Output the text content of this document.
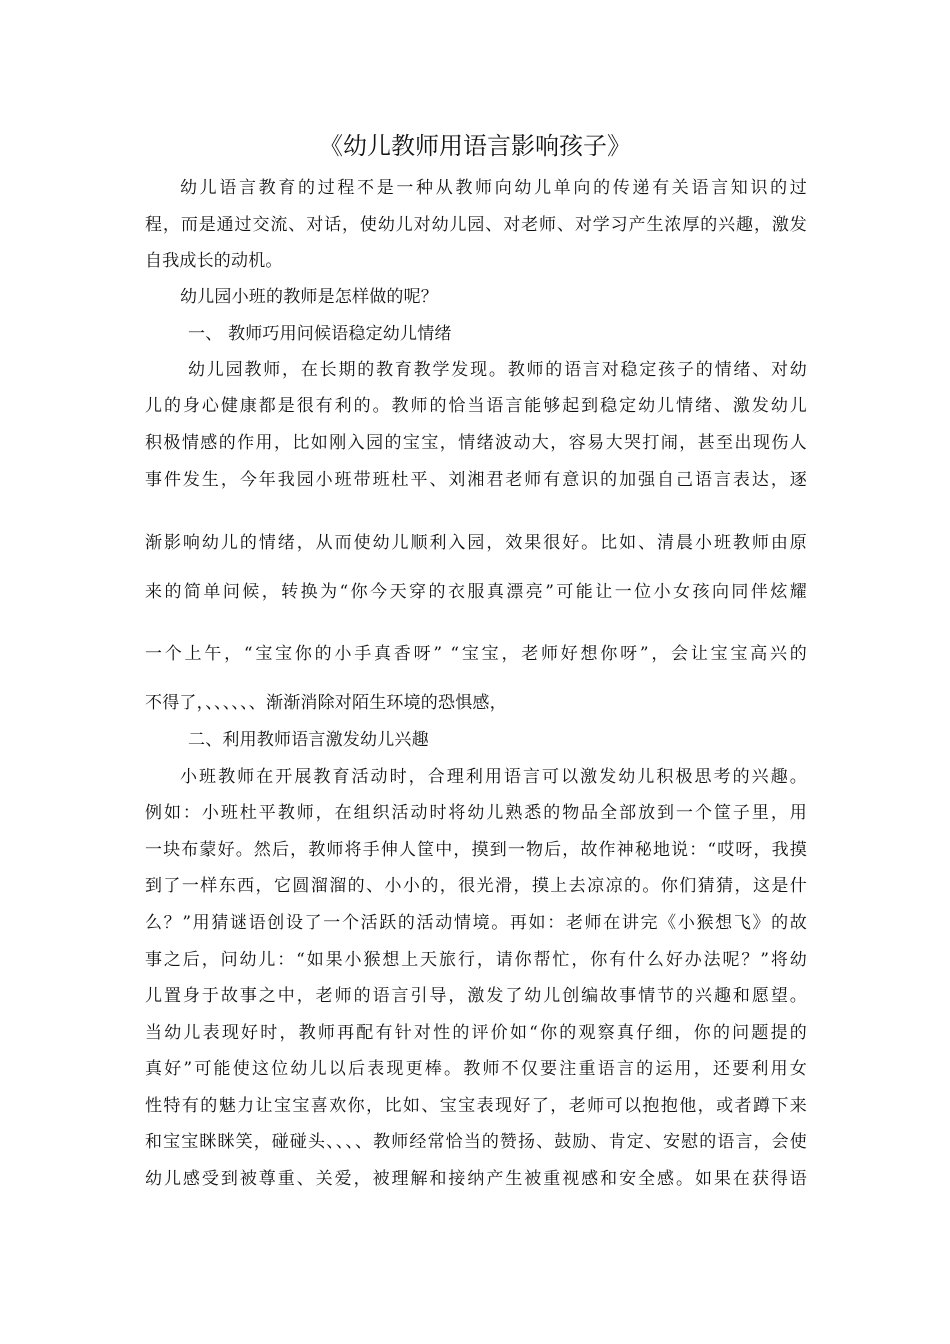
《幼儿教师用语言影响孩子》
幼儿语言教育的过程不是一种从教师向幼儿单向的传递有关语言知识的过
程，而是通过交流、对话，使幼儿对幼儿园、对老师、对学习产生浓厚的兴趣，激发
自我成长的动机。
幼儿园小班的教师是怎样做的呢？
一、 教师巧用问候语稳定幼儿情绪
幼儿园教师，在长期的教育教学发现。教师的语言对稳定孩子的情绪、对幼
儿的身心健康都是很有利的。教师的恰当语言能够起到稳定幼儿情绪、激发幼儿
积极情感的作用，比如刚入园的宝宝，情绪波动大，容易大哭打闹，甚至出现伤人
事件发生，今年我园小班带班杜平、刘湘君老师有意识的加强自己语言表达，逐
渐影响幼儿的情绪，从而使幼儿顺利入园，效果很好。比如、清晨小班教师由原
来的简单问候，转换为“你今天穿的衣服真漂亮”可能让一位小女孩向同伴炫耀
一个上午，“宝宝你的小手真香呀” “宝宝，老师好想你呀”，会让宝宝高兴的
不得了，、、、、、、渐渐消除对陌生环境的恐惧感，
二、利用教师语言激发幼儿兴趣
小班教师在开展教育活动时，合理利用语言可以激发幼儿积极思考的兴趣。
例如：小班杜平教师，在组织活动时将幼儿熟悉的物品全部放到一个筐子里，用
一块布蒙好。然后，教师将手伸人筐中，摸到一物后，故作神秘地说：“哎呀，我摸
到了一样东西，它圆溜溜的、小小的，很光滑，摸上去凉凉的。你们猜猜，这是什
么？”用猜谜语创设了一个活跃的活动情境。再如：老师在讲完《小猴想飞》的故
事之后，问幼儿：“如果小猴想上天旅行，请你帮忙，你有什么好办法呢？”将幼
儿置身于故事之中，老师的语言引导，激发了幼儿创编故事情节的兴趣和愿望。
当幼儿表现好时，教师再配有针对性的评价如“你的观察真仔细，你的问题提的
真好”可能使这位幼儿以后表现更棒。教师不仅要注重语言的运用，还要利用女
性特有的魅力让宝宝喜欢你，比如、宝宝表现好了，老师可以抱抱他，或者蹲下来
和宝宝眯眯笑，碰碰头、、、、教师经常恰当的赞扬、鼓励、肯定、安慰的语言，会使
幼儿感受到被尊重、关爱，被理解和接纳产生被重视感和安全感。如果在获得语
